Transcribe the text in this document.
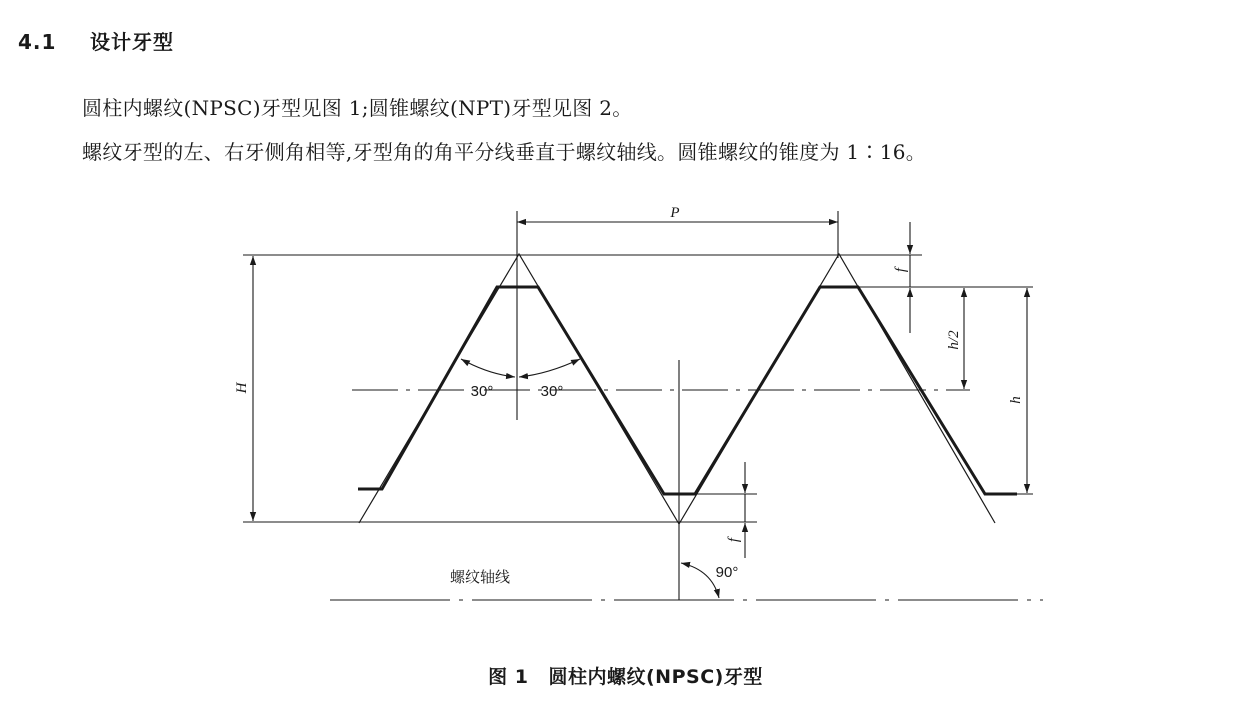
4.1 设计牙型
圆柱内螺纹(NPSC)牙型见图 1;圆锥螺纹(NPT)牙型见图 2。
螺纹牙型的左、右牙侧角相等,牙型角的角平分线垂直于螺纹轴线。圆锥螺纹的锥度为 1∶16。
P
H
f
h/2
h
f
30°	30°
90°
螺纹轴线
图 1 圆柱内螺纹(NPSC)牙型
